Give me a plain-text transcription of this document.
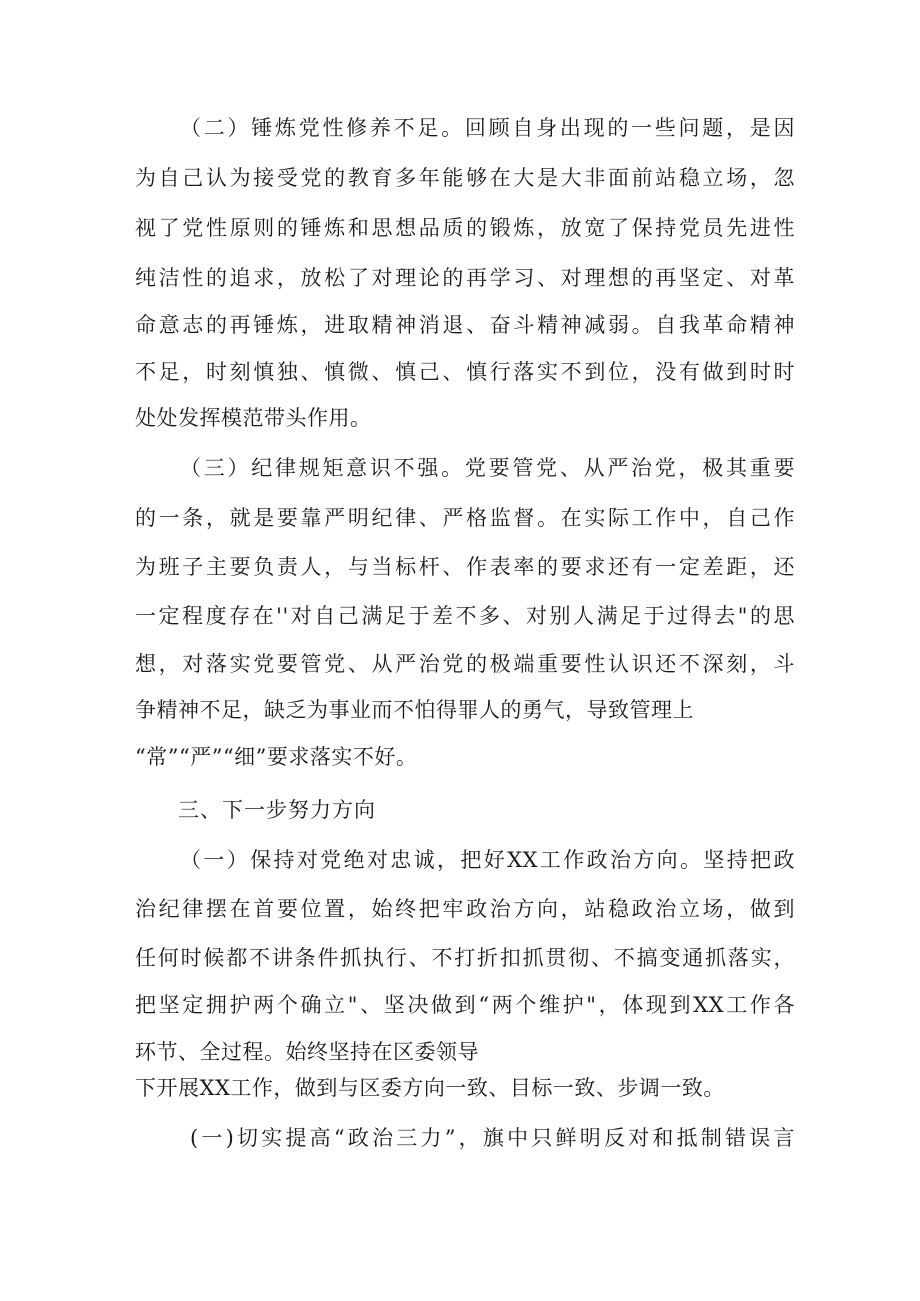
（二）锤炼党性修养不足。回顾自身出现的一些问题，是因
为自己认为接受党的教育多年能够在大是大非面前站稳立场，忽
视了党性原则的锤炼和思想品质的锻炼，放宽了保持党员先进性
纯洁性的追求，放松了对理论的再学习、对理想的再坚定、对革
命意志的再锤炼，进取精神消退、奋斗精神减弱。自我革命精神
不足，时刻慎独、慎微、慎己、慎行落实不到位，没有做到时时
处处发挥模范带头作用。
（三）纪律规矩意识不强。党要管党、从严治党，极其重要
的一条，就是要靠严明纪律、严格监督。在实际工作中，自己作
为班子主要负责人，与当标杆、作表率的要求还有一定差距，还
一定程度存在''对自己满足于差不多、对别人满足于过得去"的思
想，对落实党要管党、从严治党的极端重要性认识还不深刻，斗
争精神不足，缺乏为事业而不怕得罪人的勇气，导致管理上
“常”“严”“细”要求落实不好。
三、下一步努力方向
（一）保持对党绝对忠诚，把好XX工作政治方向。坚持把政
治纪律摆在首要位置，始终把牢政治方向，站稳政治立场，做到
任何时候都不讲条件抓执行、不打折扣抓贯彻、不搞变通抓落实，
把坚定拥护两个确立"、坚决做到“两个维护"，体现到XX工作各
环节、全过程。始终坚持在区委领导
下开展XX工作，做到与区委方向一致、目标一致、步调一致。
(一)切实提高“政治三力”，旗中只鲜明反对和抵制错误言
